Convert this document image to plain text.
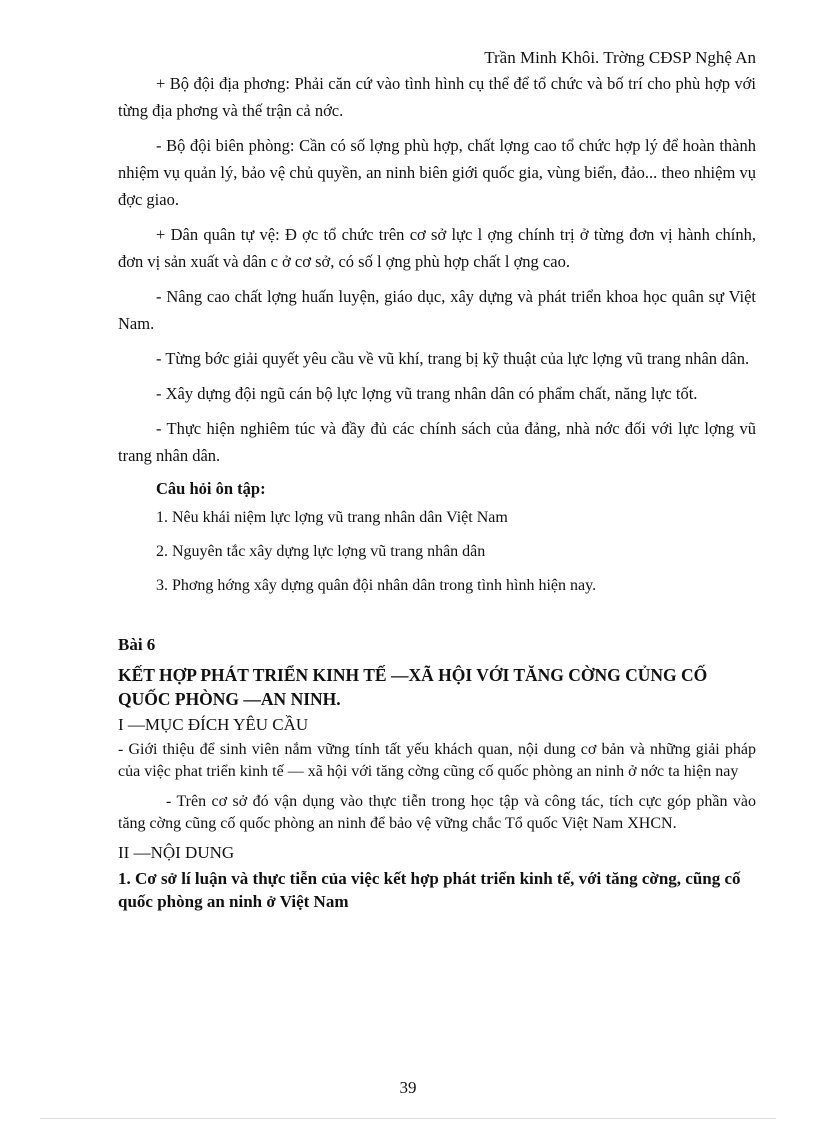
Trần Minh Khôi. Trờng CĐSP Nghệ An

+ Bộ đội địa phơng: Phải căn cứ vào tình hình cụ thể để tổ chức và bố trí cho phù hợp với từng địa phơng và thế trận cả nớc.

- Bộ đội biên phòng: Cần có số lợng phù hợp, chất lợng cao tổ chức hợp lý để hoàn thành nhiệm vụ quản lý, bảo vệ chủ quyền, an ninh biên giới quốc gia, vùng biển, đảo... theo nhiệm vụ đợc giao.

+ Dân quân tự vệ: Đ ợc tổ chức trên cơ sở lực l ợng chính trị ở từng đơn vị hành chính, đơn vị sản xuất và dân c ở cơ sở, có số l ợng phù hợp chất l ợng cao.

- Nâng cao chất lợng huấn luyện, giáo dục, xây dựng và phát triển khoa học quân sự Việt Nam.

- Từng bớc giải quyết yêu cầu về vũ khí, trang bị kỹ thuật của lực lợng vũ trang nhân dân.

- Xây dựng đội ngũ cán bộ lực lợng vũ trang nhân dân có phẩm chất, năng lực tốt.

- Thực hiện nghiêm túc và đầy đủ các chính sách của đảng, nhà nớc đối với lực lợng vũ trang nhân dân.

Câu hỏi ôn tập:
1. Nêu khái niệm lực lợng vũ trang nhân dân Việt Nam
2. Nguyên tắc xây dựng lực lợng vũ trang nhân dân
3. Phơng hớng xây dựng quân đội nhân dân trong tình hình hiện nay.
Bài 6
KẾT HỢP PHÁT TRIỂN KINH TẾ —XÃ HỘI VỚI TĂNG CỜNG CỦNG CỐ QUỐC PHÒNG —AN NINH.
I —MỤC ĐÍCH YÊU CẦU

- Giới thiệu để sinh viên nắm vững tính tất yếu khách quan, nội dung cơ bản và những giải pháp của việc phat triển kinh tế — xã hội với tăng cờng cũng cố quốc phòng an ninh ở nớc ta hiện nay

- Trên cơ sở đó vận dụng vào thực tiễn trong học tập và công tác, tích cực góp phần vào tăng cờng cũng cố quốc phòng an ninh để bảo vệ vững chắc Tổ quốc Việt Nam XHCN.

II —NỘI DUNG
1. Cơ sở lí luận và thực tiễn của việc kết hợp phát triển kinh tế, với tăng cờng, cũng cố quốc phòng an ninh ở Việt Nam
39
